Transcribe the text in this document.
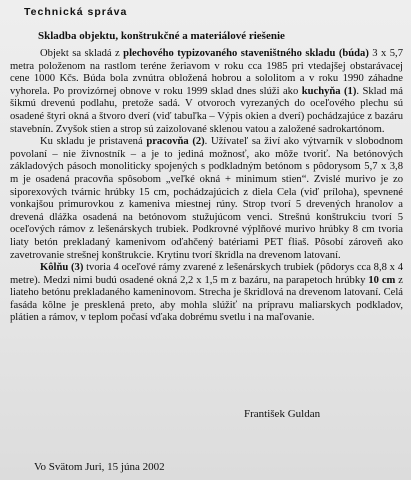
Technická správa
Skladba objektu, konštrukčné a materiálové riešenie

Objekt sa skladá z plechového typizovaného staveništného skladu (búda) 3 x 5,7 metra položenom na rastlom teréne žeriavom v roku cca 1985 pri vtedajšej obstarávacej cene 1000 Kčs. Búda bola zvnútra obložená hobrou a sololitom a v roku 1990 záhadne vyhorela. Po provizórnej obnove v roku 1999 sklad dnes slúži ako kuchyňa (1). Sklad má šikmú drevenú podlahu, pretože sadá. V otvoroch vyrezaných do oceľového plechu sú osadené štyri okná a štvoro dverí (viď tabuľka – Výpis okien a dverí) pochádzajúce z bazáru stavebnín. Zvyšok stien a strop sú zaizolované sklenou vatou a založené sadrokartónom.

Ku skladu je pristavená pracovňa (2). Užívateľ sa živí ako výtvarník v slobodnom povolaní – nie živnostník – a je to jediná možnosť, ako môže tvoriť. Na betónových základových pásoch monoliticky spojených s podkladným betónom s pôdorysom 5,7 x 3,8 m je osadená pracovňa spôsobom „veľké okná + minimum stien“. Zvislé murivo je zo siporexových tvárnic hrúbky 15 cm, pochádzajúcich z diela Cela (viď príloha), spevnené vonkajšou primurovkou z kameniva miestnej rúny. Strop tvorí 5 drevených hranolov a drevená dlážka osadená na betónovom stužujúcom venci. Strešnú konštrukciu tvorí 5 oceľových rámov z lešenárskych trubiek. Podkrovné výplňové murivo hrúbky 8 cm tvoria liaty betón prekladaný kamenivom oďahčený batériami PET fliaš. Pôsobí zároveň ako zavetrovanie strešnej konštrukcie. Krytinu tvorí škridla na drevenom latovaní.

Kôlňu (3) tvoria 4 oceľové rámy zvarené z lešenárskych trubiek (pôdorys cca 8,8 x 4 metre). Medzi nimi budú osadené okná 2,2 x 1,5 m z bazáru, na parapetoch hrúbky 10 cm z liateho betónu prekladaného kameninovom. Strecha je škridlová na drevenom latovaní. Celá fasáda kôlne je presklená preto, aby mohla slúžiť na prípravu maliarskych podkladov, plátien a rámov, v teplom počasí vďaka dobrému svetlu i na maľovanie.

František Guldan
Vo Svätom Juri, 15 júna 2002
